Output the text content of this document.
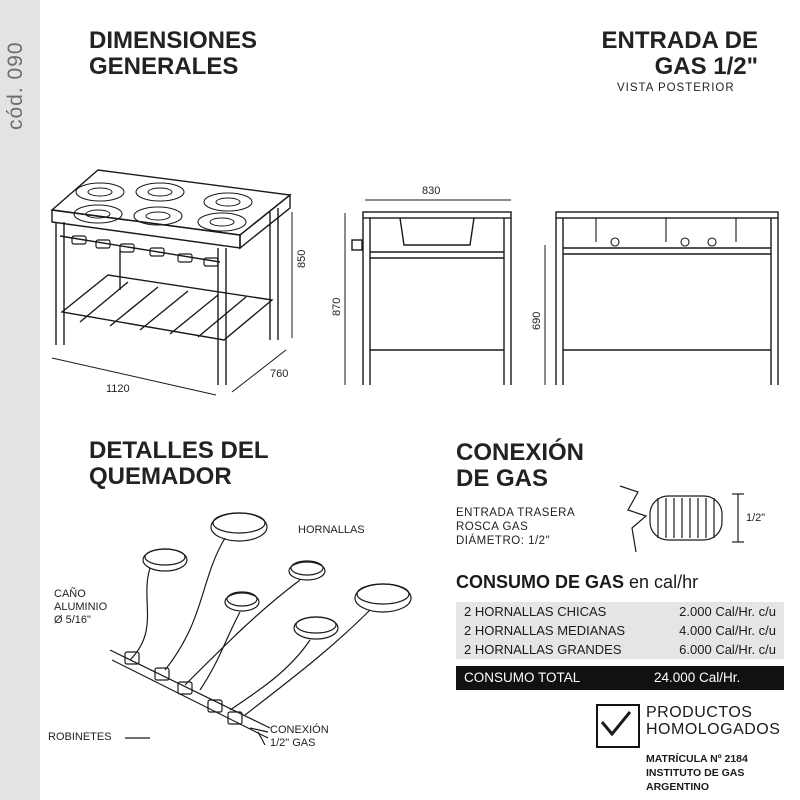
cód. 090
DIMENSIONES
GENERALES
ENTRADA DE
GAS 1/2"
VISTA POSTERIOR
DETALLES DEL
QUEMADOR
CONEXIÓN
DE GAS
1120
760
850
830
870
690
HORNALLAS
CAÑO
ALUMINIO
Ø 5/16"
ROBINETES
CONEXIÓN
1/2" GAS
ENTRADA TRASERA
ROSCA GAS
DIÁMETRO: 1/2"
1/2"
CONSUMO DE GAS en cal/hr
2 HORNALLAS CHICAS	2.000 Cal/Hr. c/u
2 HORNALLAS MEDIANAS	4.000 Cal/Hr. c/u
2 HORNALLAS GRANDES	6.000 Cal/Hr. c/u
CONSUMO TOTAL	24.000 Cal/Hr.
PRODUCTOS
HOMOLOGADOS
MATRÍCULA Nº 2184
INSTITUTO DE GAS ARGENTINO
